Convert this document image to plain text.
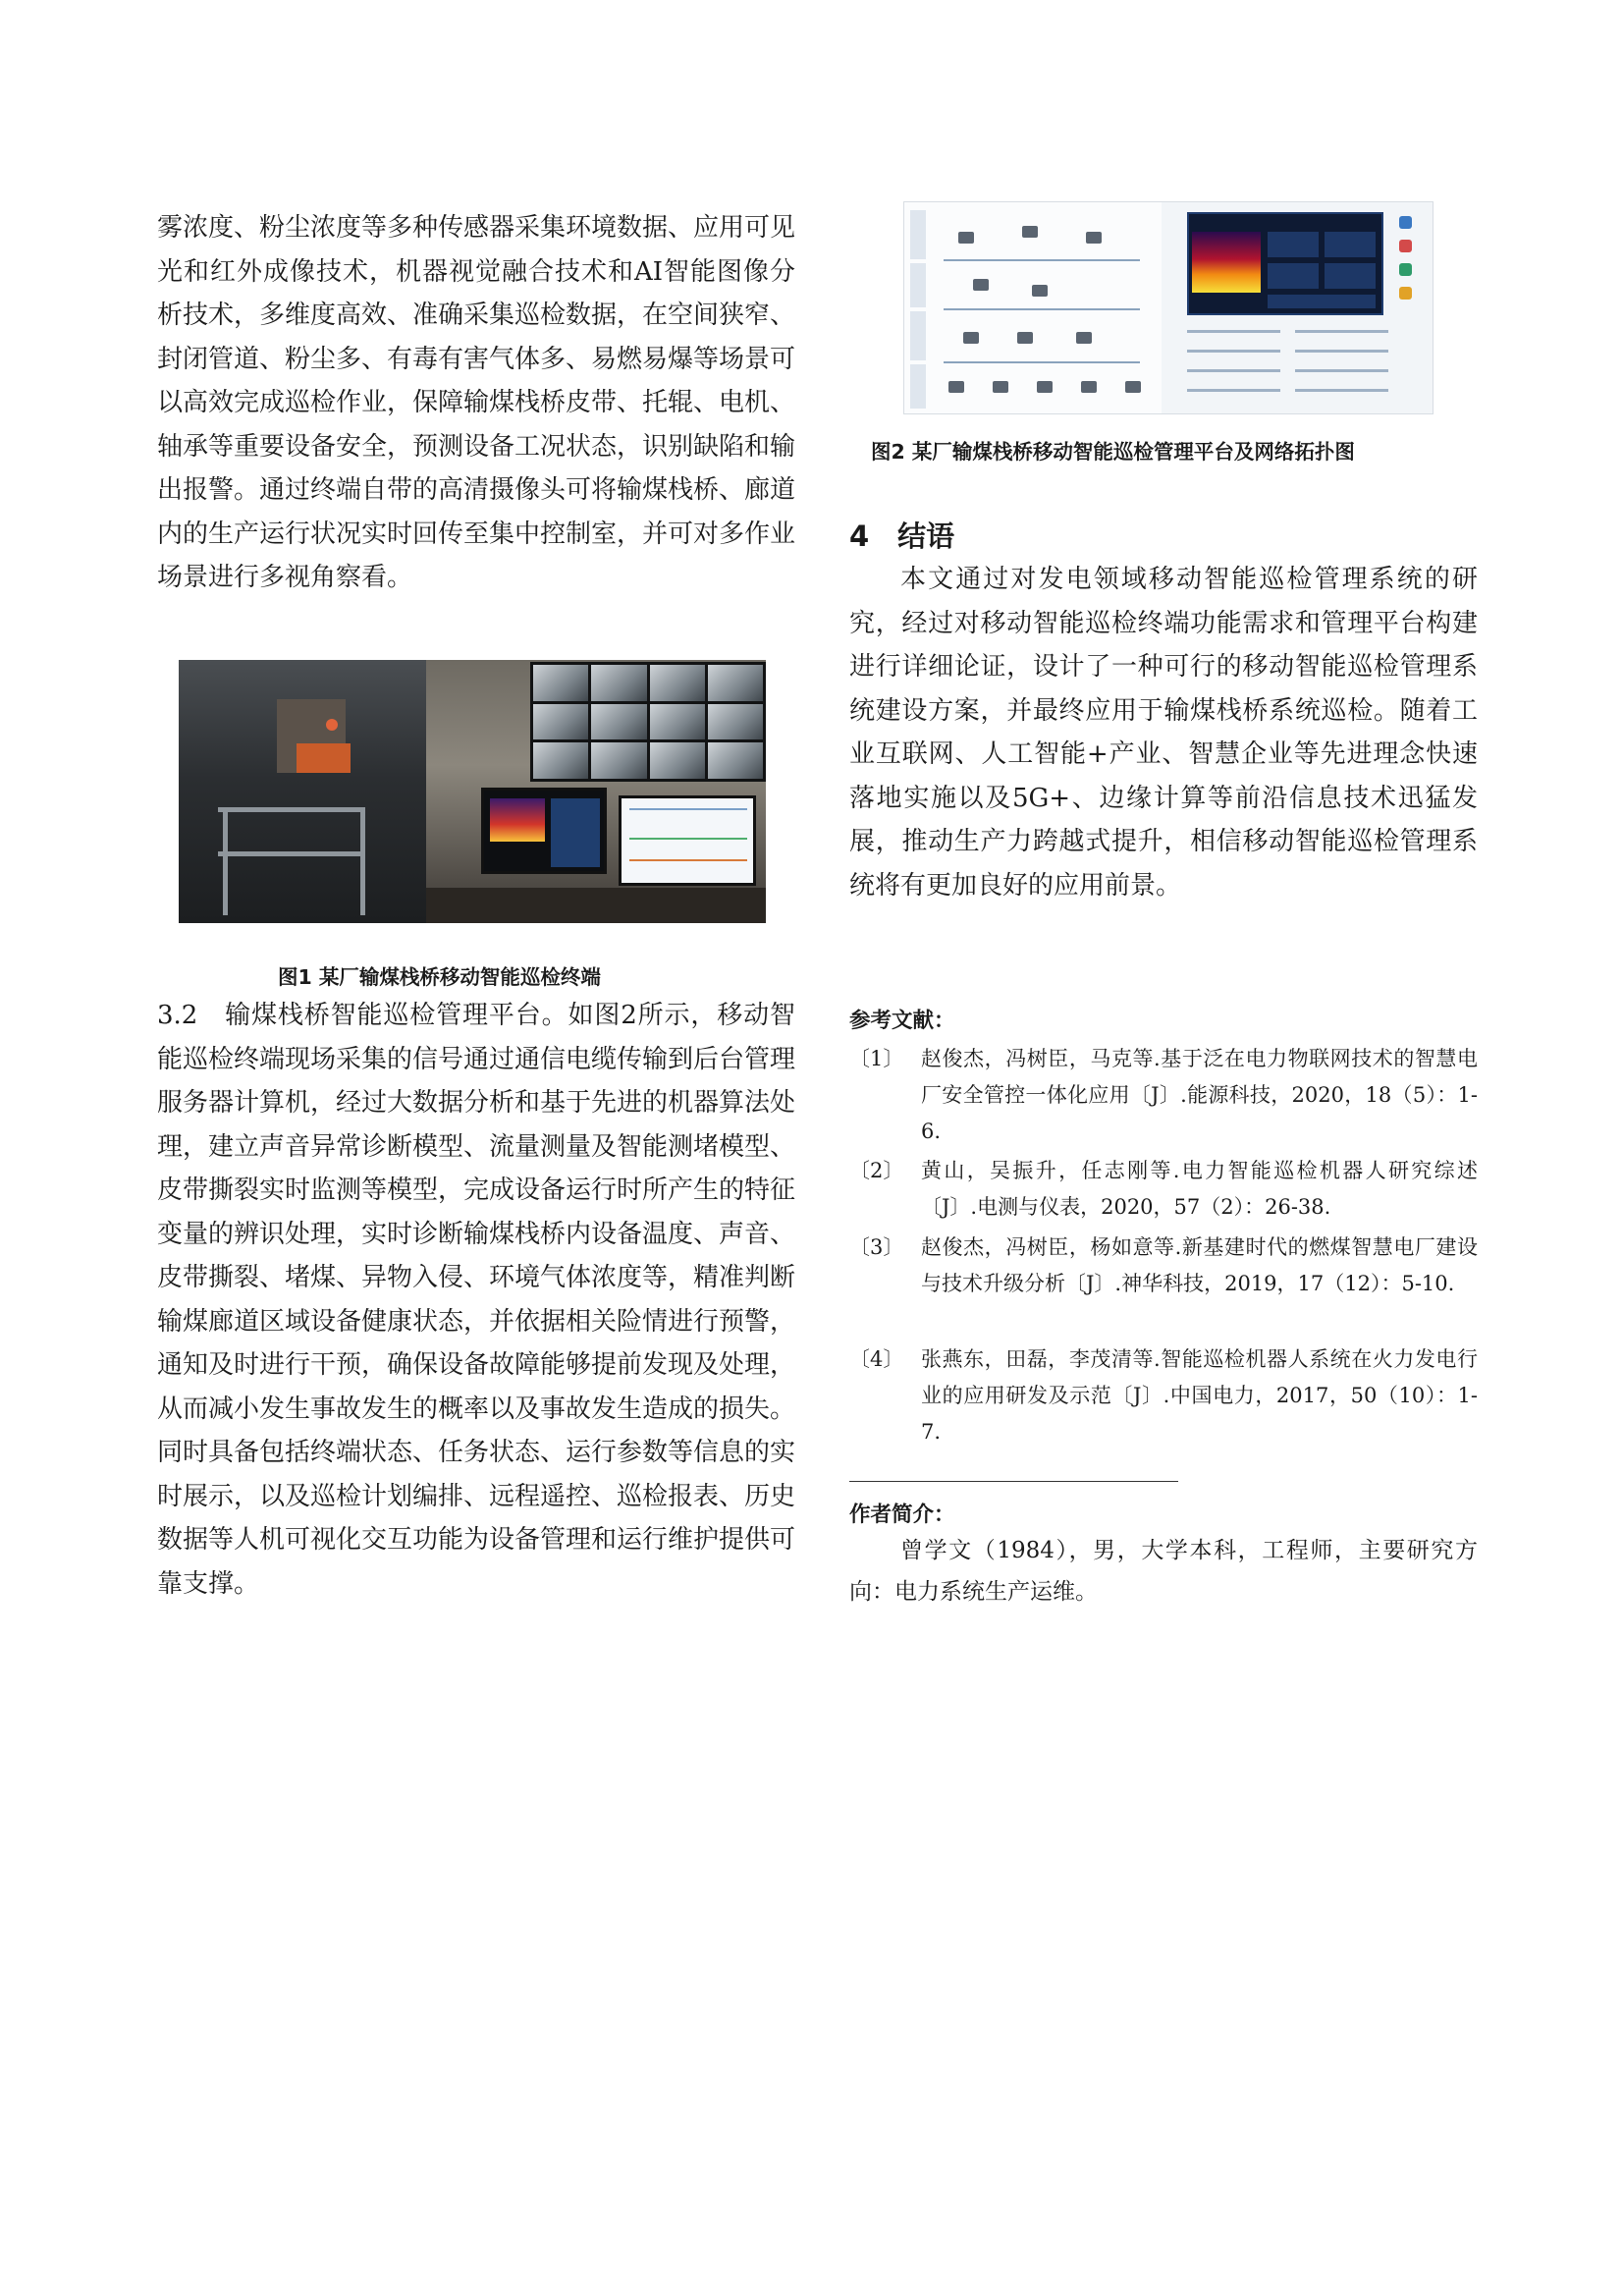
雾浓度、粉尘浓度等多种传感器采集环境数据、应用可见光和红外成像技术，机器视觉融合技术和AI智能图像分析技术，多维度高效、准确采集巡检数据，在空间狭窄、封闭管道、粉尘多、有毒有害气体多、易燃易爆等场景可以高效完成巡检作业，保障输煤栈桥皮带、托辊、电机、轴承等重要设备安全，预测设备工况状态，识别缺陷和输出报警。通过终端自带的高清摄像头可将输煤栈桥、廊道内的生产运行状况实时回传至集中控制室，并可对多作业场景进行多视角察看。

图1 某厂输煤栈桥移动智能巡检终端

3.2　输煤栈桥智能巡检管理平台。如图2所示，移动智能巡检终端现场采集的信号通过通信电缆传输到后台管理服务器计算机，经过大数据分析和基于先进的机器算法处理，建立声音异常诊断模型、流量测量及智能测堵模型、皮带撕裂实时监测等模型，完成设备运行时所产生的特征变量的辨识处理，实时诊断输煤栈桥内设备温度、声音、皮带撕裂、堵煤、异物入侵、环境气体浓度等，精准判断输煤廊道区域设备健康状态，并依据相关险情进行预警，通知及时进行干预，确保设备故障能够提前发现及处理，从而减小发生事故发生的概率以及事故发生造成的损失。同时具备包括终端状态、任务状态、运行参数等信息的实时展示，以及巡检计划编排、远程遥控、巡检报表、历史数据等人机可视化交互功能为设备管理和运行维护提供可靠支撑。

图2 某厂输煤栈桥移动智能巡检管理平台及网络拓扑图
4　结语

本文通过对发电领域移动智能巡检管理系统的研究，经过对移动智能巡检终端功能需求和管理平台构建进行详细论证，设计了一种可行的移动智能巡检管理系统建设方案，并最终应用于输煤栈桥系统巡检。随着工业互联网、人工智能+产业、智慧企业等先进理念快速落地实施以及5G+、边缘计算等前沿信息技术迅猛发展，推动生产力跨越式提升，相信移动智能巡检管理系统将有更加良好的应用前景。

参考文献：
〔1〕 赵俊杰，冯树臣，马克等.基于泛在电力物联网技术的智慧电厂安全管控一体化应用〔J〕.能源科技，2020，18（5）：1-6.
〔2〕 黄山，吴振升，任志刚等.电力智能巡检机器人研究综述〔J〕.电测与仪表，2020，57（2）：26-38.
〔3〕 赵俊杰，冯树臣，杨如意等.新基建时代的燃煤智慧电厂建设与技术升级分析〔J〕.神华科技，2019，17（12）：5-10.
〔4〕 张燕东，田磊，李茂清等.智能巡检机器人系统在火力发电行业的应用研发及示范〔J〕.中国电力，2017，50（10）：1-7.
作者简介：

曾学文（1984），男，大学本科，工程师，主要研究方向：电力系统生产运维。
